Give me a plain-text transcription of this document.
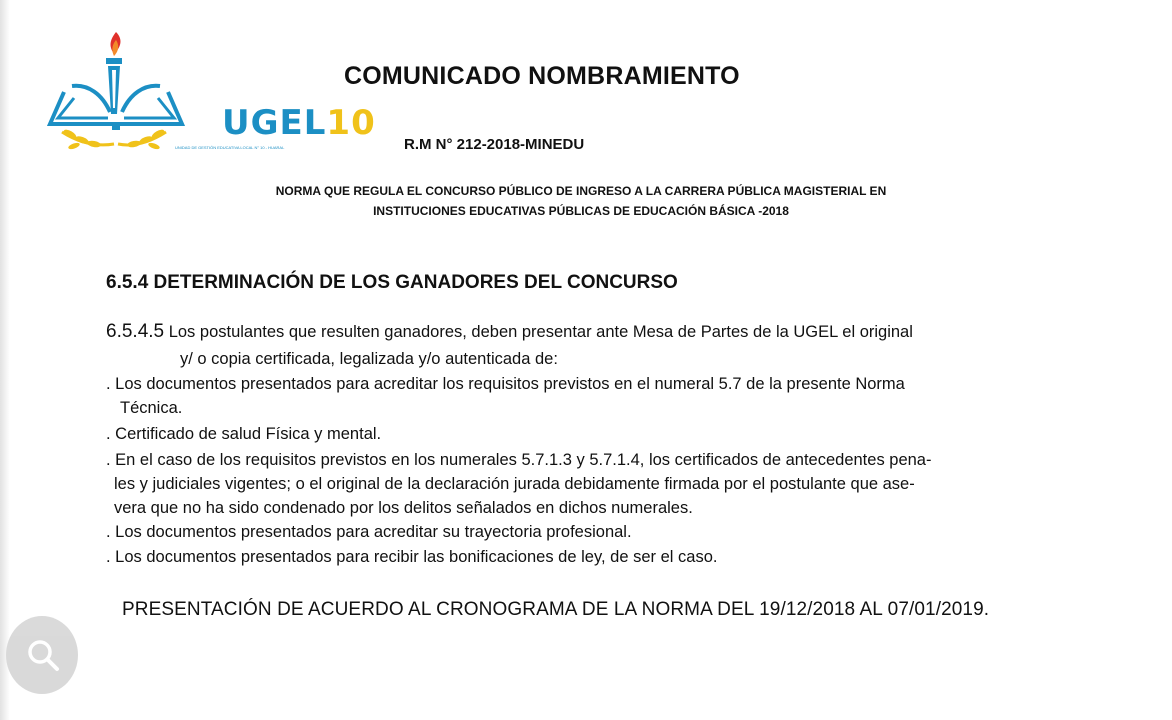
UGEL10
UNIDAD DE GESTIÓN EDUCATIVA LOCAL N° 10 - HUARAL
COMUNICADO NOMBRAMIENTO
R.M N° 212-2018-MINEDU
NORMA QUE REGULA EL CONCURSO PÚBLICO DE INGRESO A LA CARRERA PÚBLICA MAGISTERIAL EN
INSTITUCIONES EDUCATIVAS PÚBLICAS DE EDUCACIÓN BÁSICA -2018
6.5.4 DETERMINACIÓN DE LOS GANADORES DEL CONCURSO
6.5.4.5 Los postulantes que resulten ganadores, deben presentar ante Mesa de Partes de la UGEL el original
y/ o copia certificada, legalizada y/o autenticada de:
. Los documentos presentados para acreditar los requisitos previstos en el numeral 5.7 de la presente Norma
Técnica.
. Certificado de salud Física y mental.
. En el caso de los requisitos previstos en los numerales 5.7.1.3 y 5.7.1.4, los certificados de antecedentes pena-
les y judiciales vigentes; o el original de la declaración jurada debidamente firmada por el postulante que ase-
vera que no ha sido condenado por los delitos señalados en dichos numerales.
. Los documentos presentados para acreditar su trayectoria profesional.
. Los documentos presentados para recibir las bonificaciones de ley, de ser el caso.
PRESENTACIÓN DE ACUERDO AL CRONOGRAMA DE LA NORMA DEL 19/12/2018 AL 07/01/2019.
